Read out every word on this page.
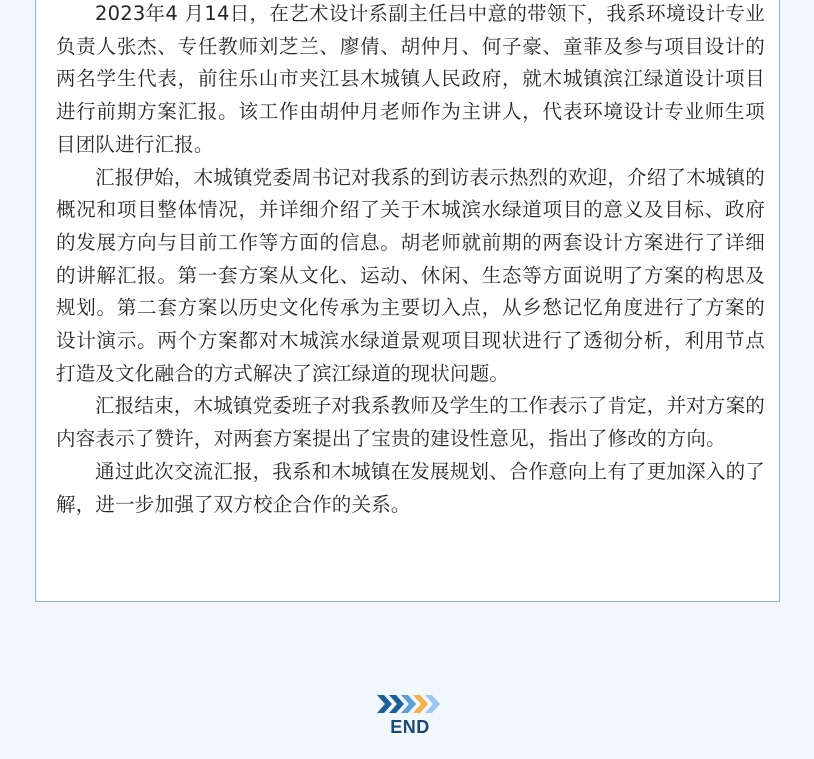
2023年4 月14日，在艺术设计系副主任吕中意的带领下，我系环境设计专业负责人张杰、专任教师刘芝兰、廖倩、胡仲月、何子豪、童菲及参与项目设计的两名学生代表，前往乐山市夹江县木城镇人民政府，就木城镇滨江绿道设计项目进行前期方案汇报。该工作由胡仲月老师作为主讲人，代表环境设计专业师生项目团队进行汇报。

汇报伊始，木城镇党委周书记对我系的到访表示热烈的欢迎，介绍了木城镇的概况和项目整体情况，并详细介绍了关于木城滨水绿道项目的意义及目标、政府的发展方向与目前工作等方面的信息。胡老师就前期的两套设计方案进行了详细的讲解汇报。第一套方案从文化、运动、休闲、生态等方面说明了方案的构思及规划。第二套方案以历史文化传承为主要切入点，从乡愁记忆角度进行了方案的设计演示。两个方案都对木城滨水绿道景观项目现状进行了透彻分析，利用节点打造及文化融合的方式解决了滨江绿道的现状问题。

汇报结束，木城镇党委班子对我系教师及学生的工作表示了肯定，并对方案的内容表示了赞许，对两套方案提出了宝贵的建设性意见，指出了修改的方向。

通过此次交流汇报，我系和木城镇在发展规划、合作意向上有了更加深入的了解，进一步加强了双方校企合作的关系。

END
